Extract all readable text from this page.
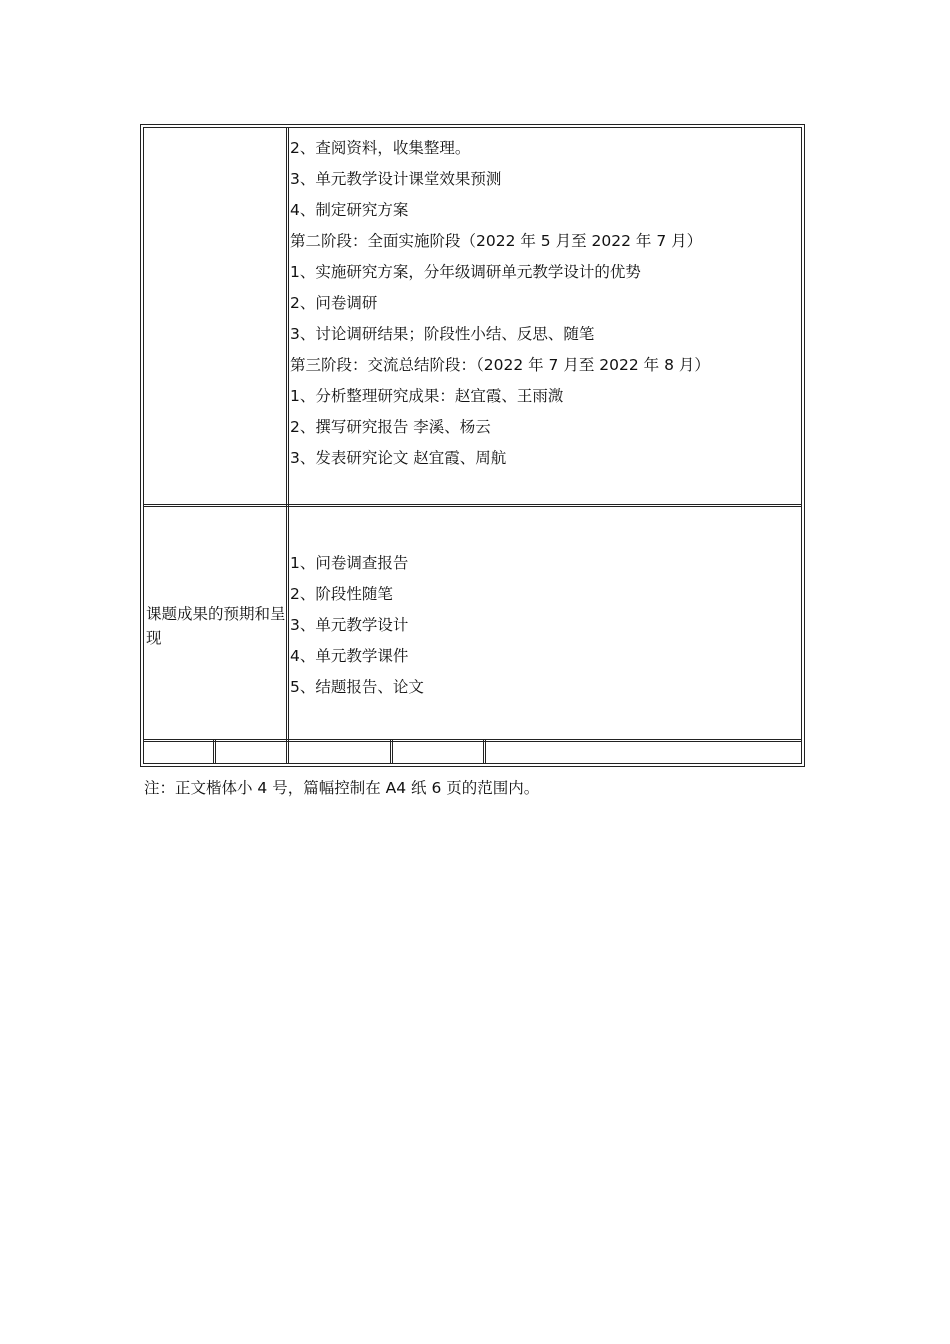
2、查阅资料，收集整理。
3、单元教学设计课堂效果预测
4、制定研究方案
第二阶段：全面实施阶段（2022 年 5 月至 2022 年 7 月）
1、实施研究方案，分年级调研单元教学设计的优势
2、问卷调研
3、讨论调研结果；阶段性小结、反思、随笔
第三阶段：交流总结阶段：（2022 年 7 月至 2022 年 8 月）
1、分析整理研究成果：赵宜霞、王雨溦
2、撰写研究报告 李溪、杨云
3、发表研究论文 赵宜霞、周航
课题成果的预期和呈现
1、问卷调查报告
2、阶段性随笔
3、单元教学设计
4、单元教学课件
5、结题报告、论文
注：正文楷体小 4 号，篇幅控制在 A4 纸 6 页的范围内。
